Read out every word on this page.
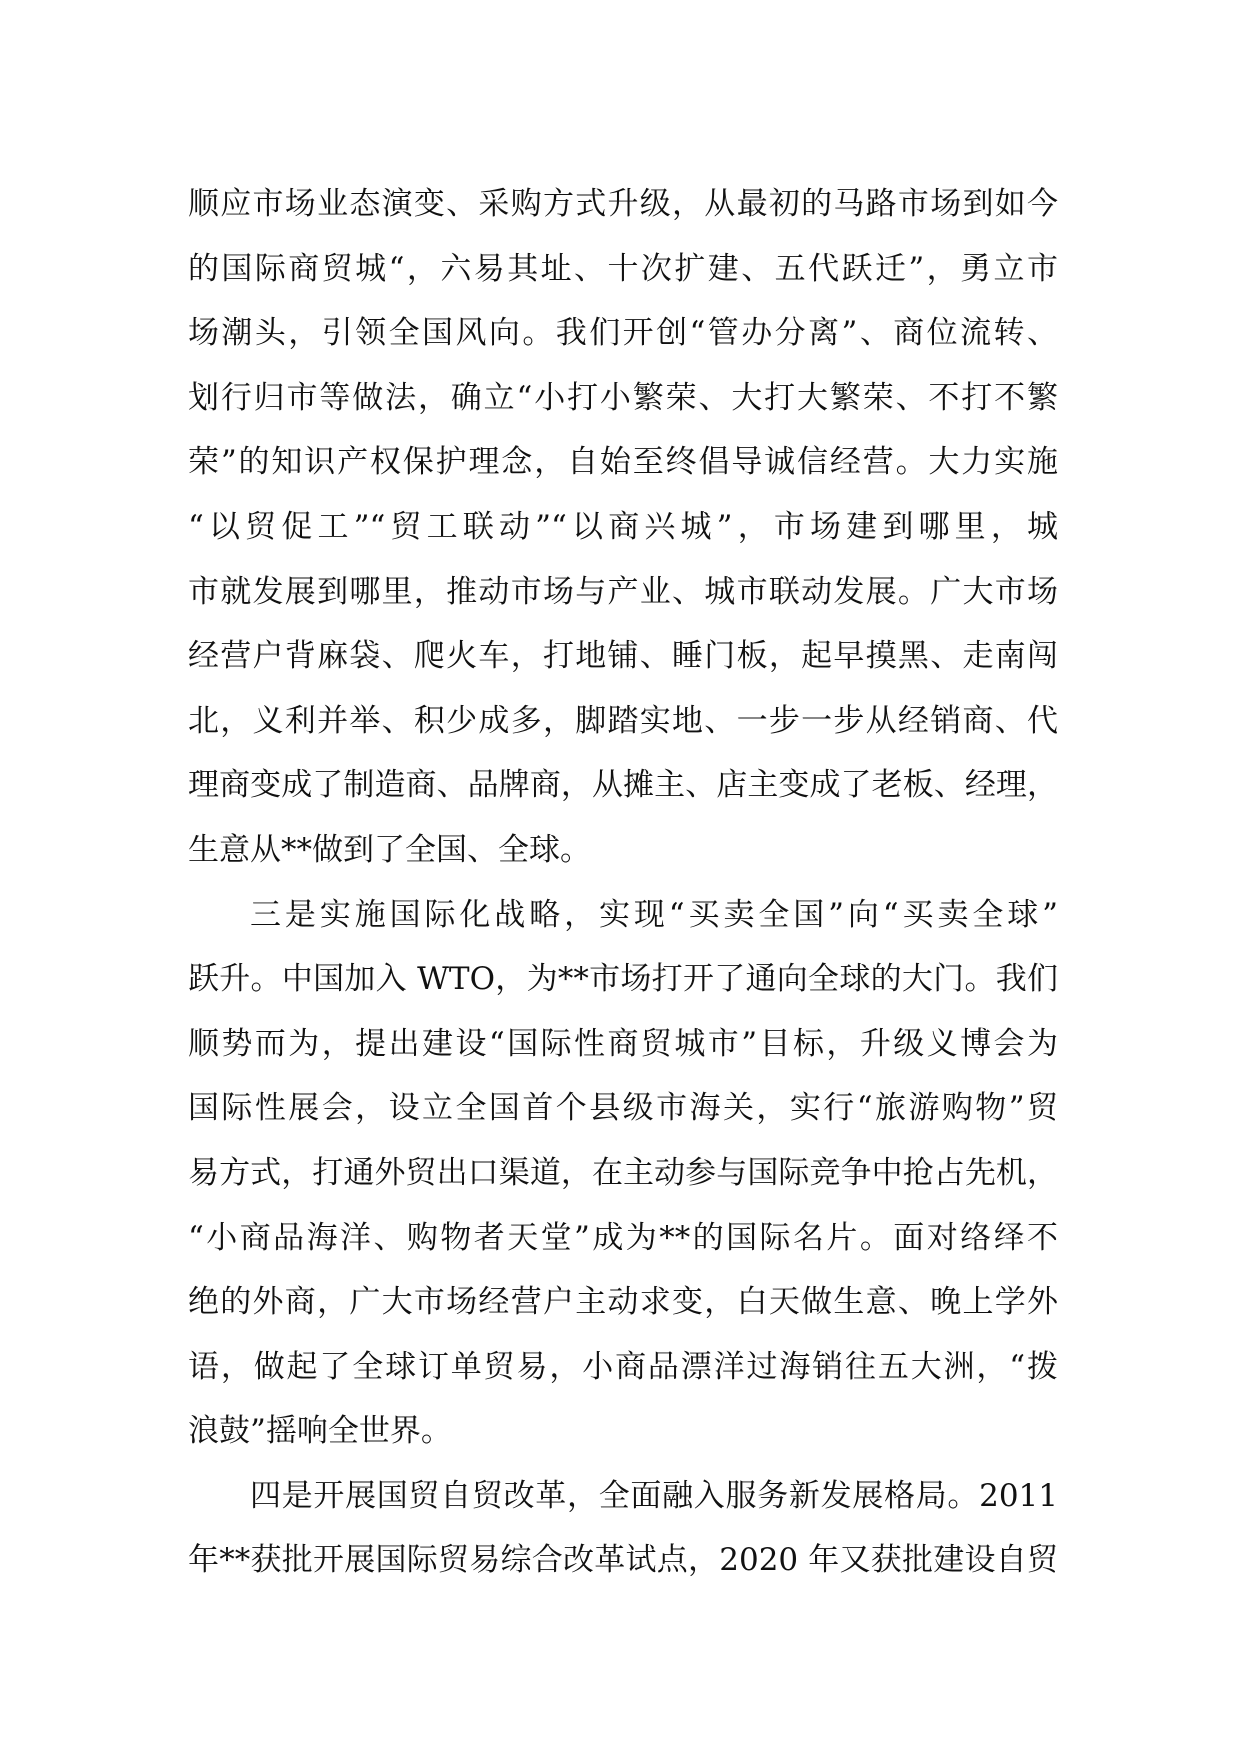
顺应市场业态演变、采购方式升级，从最初的马路市场到如今
的国际商贸城“，六易其址、十次扩建、五代跃迁”，勇立市
场潮头，引领全国风向。我们开创“管办分离”、商位流转、
划行归市等做法，确立“小打小繁荣、大打大繁荣、不打不繁
荣”的知识产权保护理念，自始至终倡导诚信经营。大力实施
“以贸促工”“贸工联动”“以商兴城”，市场建到哪里，城
市就发展到哪里，推动市场与产业、城市联动发展。广大市场
经营户背麻袋、爬火车，打地铺、睡门板，起早摸黑、走南闯
北，义利并举、积少成多，脚踏实地、一步一步从经销商、代
理商变成了制造商、品牌商，从摊主、店主变成了老板、经理，
生意从**做到了全国、全球。
三是实施国际化战略，实现“买卖全国”向“买卖全球”
跃升。中国加入 WTO，为**市场打开了通向全球的大门。我们
顺势而为，提出建设“国际性商贸城市”目标，升级义博会为
国际性展会，设立全国首个县级市海关，实行“旅游购物”贸
易方式，打通外贸出口渠道，在主动参与国际竞争中抢占先机，
“小商品海洋、购物者天堂”成为**的国际名片。面对络绎不
绝的外商，广大市场经营户主动求变，白天做生意、晚上学外
语，做起了全球订单贸易，小商品漂洋过海销往五大洲，“拨
浪鼓”摇响全世界。
四是开展国贸自贸改革，全面融入服务新发展格局。2011
年**获批开展国际贸易综合改革试点，2020 年又获批建设自贸
